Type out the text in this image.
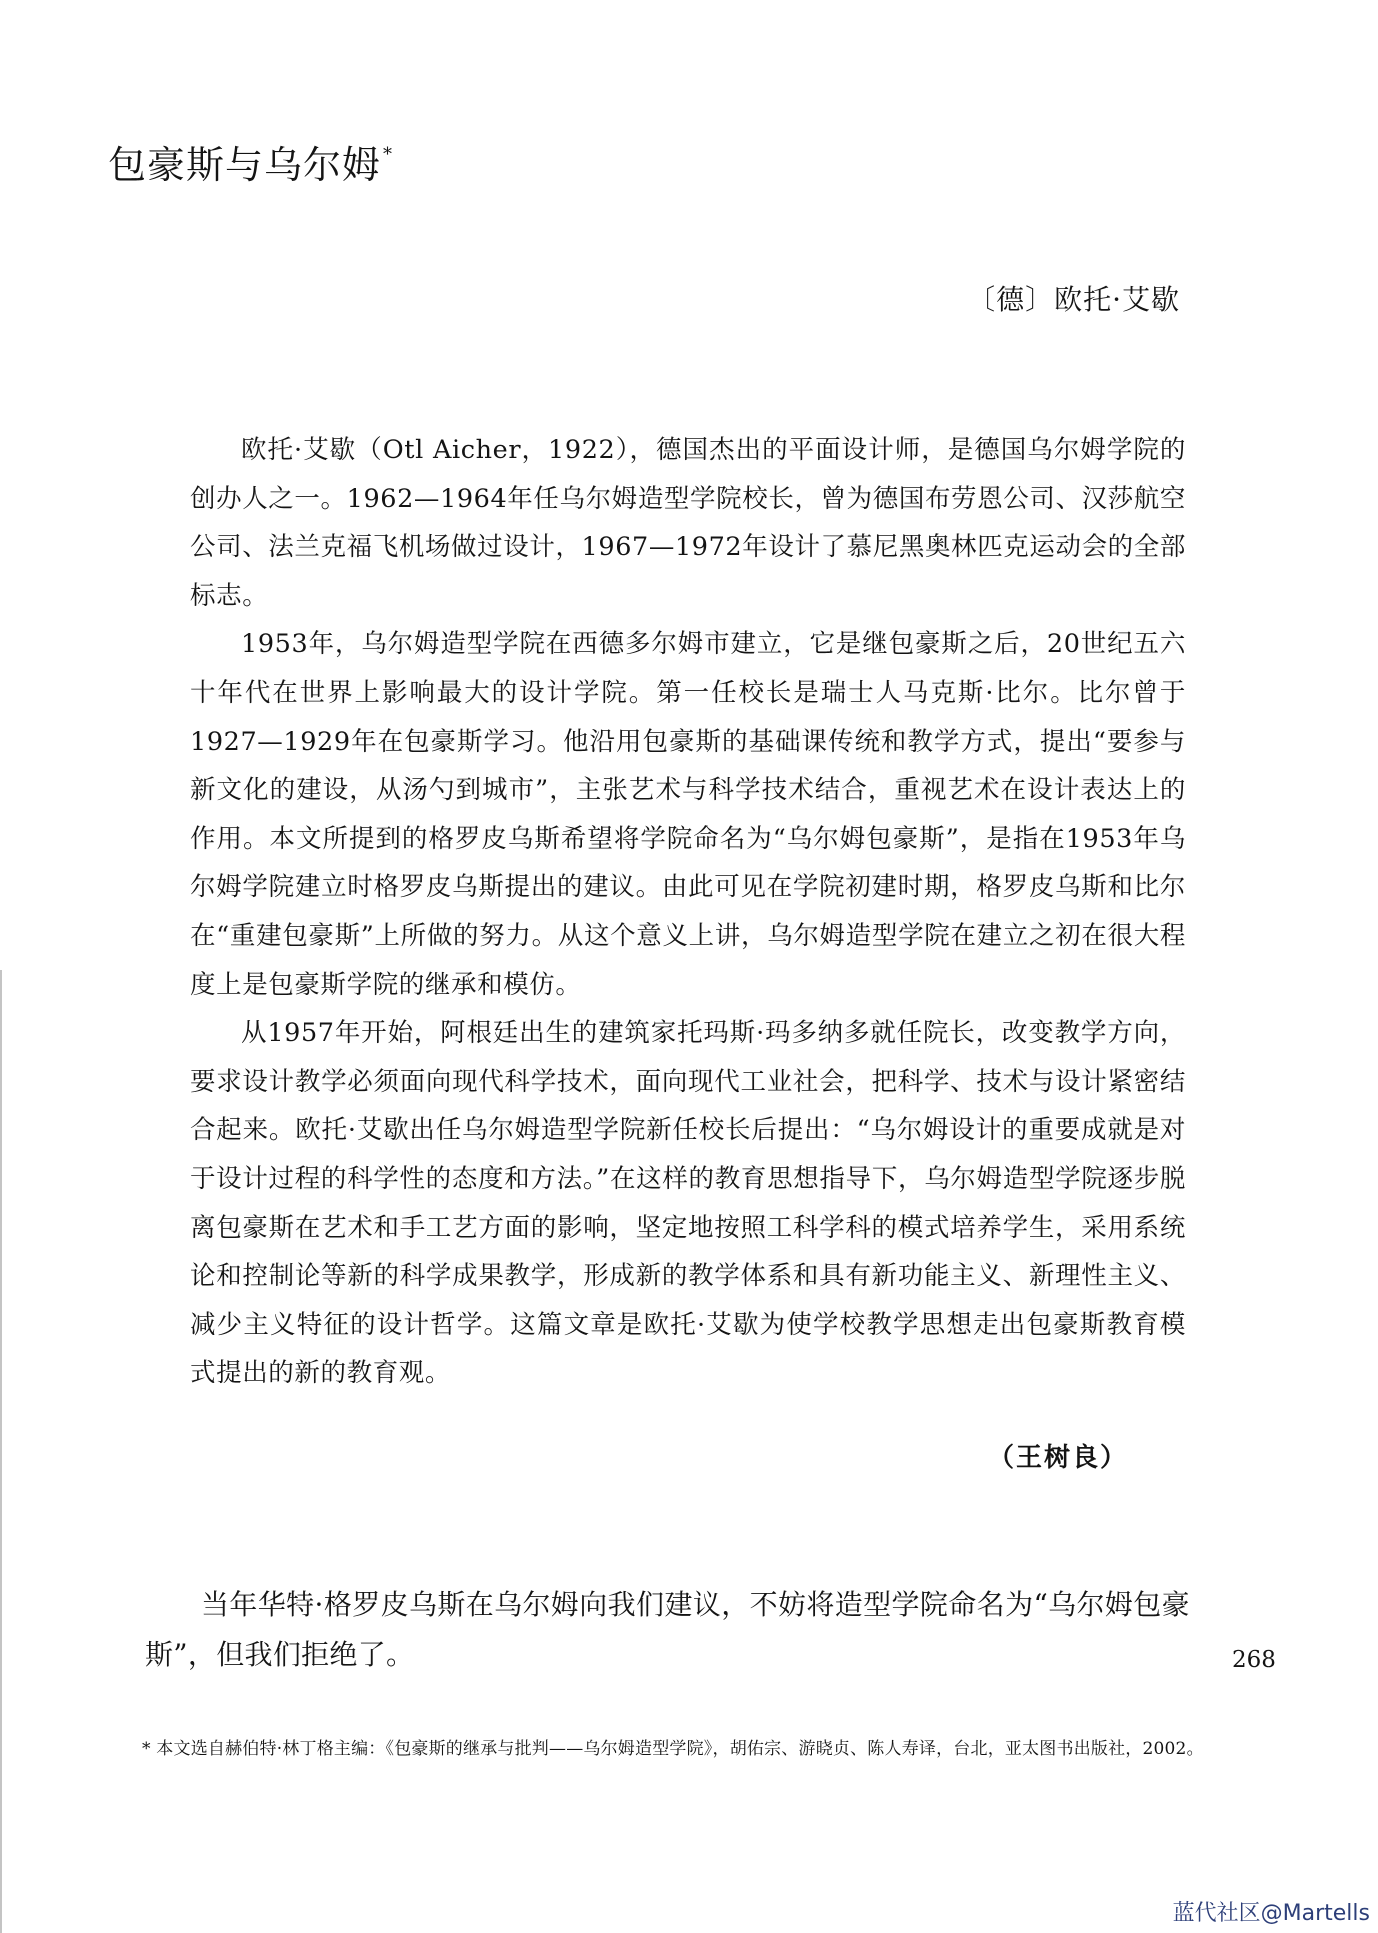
包豪斯与乌尔姆 *
〔德〕欧托·艾歇

欧托·艾歇（Otl Aicher，1922），德国杰出的平面设计师，是德国乌尔姆学院的创办人之一。1962—1964年任乌尔姆造型学院校长，曾为德国布劳恩公司、汉莎航空公司、法兰克福飞机场做过设计，1967—1972年设计了慕尼黑奥林匹克运动会的全部标志。

1953年，乌尔姆造型学院在西德多尔姆市建立，它是继包豪斯之后，20世纪五六十年代在世界上影响最大的设计学院。第一任校长是瑞士人马克斯·比尔。比尔曾于1927—1929年在包豪斯学习。他沿用包豪斯的基础课传统和教学方式，提出“要参与新文化的建设，从汤勺到城市”，主张艺术与科学技术结合，重视艺术在设计表达上的作用。本文所提到的格罗皮乌斯希望将学院命名为“乌尔姆包豪斯”，是指在1953年乌尔姆学院建立时格罗皮乌斯提出的建议。由此可见在学院初建时期，格罗皮乌斯和比尔在“重建包豪斯”上所做的努力。从这个意义上讲，乌尔姆造型学院在建立之初在很大程度上是包豪斯学院的继承和模仿。

从1957年开始，阿根廷出生的建筑家托玛斯·玛多纳多就任院长，改变教学方向，要求设计教学必须面向现代科学技术，面向现代工业社会，把科学、技术与设计紧密结合起来。欧托·艾歇出任乌尔姆造型学院新任校长后提出：“乌尔姆设计的重要成就是对于设计过程的科学性的态度和方法。”在这样的教育思想指导下，乌尔姆造型学院逐步脱离包豪斯在艺术和手工艺方面的影响，坚定地按照工科学科的模式培养学生，采用系统论和控制论等新的科学成果教学，形成新的教学体系和具有新功能主义、新理性主义、减少主义特征的设计哲学。这篇文章是欧托·艾歇为使学校教学思想走出包豪斯教育模式提出的新的教育观。

（王树良）

当年华特·格罗皮乌斯在乌尔姆向我们建议，不妨将造型学院命名为“乌尔姆包豪斯”，但我们拒绝了。	268

* 本文选自赫伯特·林丁格主编：《包豪斯的继承与批判——乌尔姆造型学院》，胡佑宗、游晓贞、陈人寿译，台北，亚太图书出版社，2002。

蓝代社区@Martells
